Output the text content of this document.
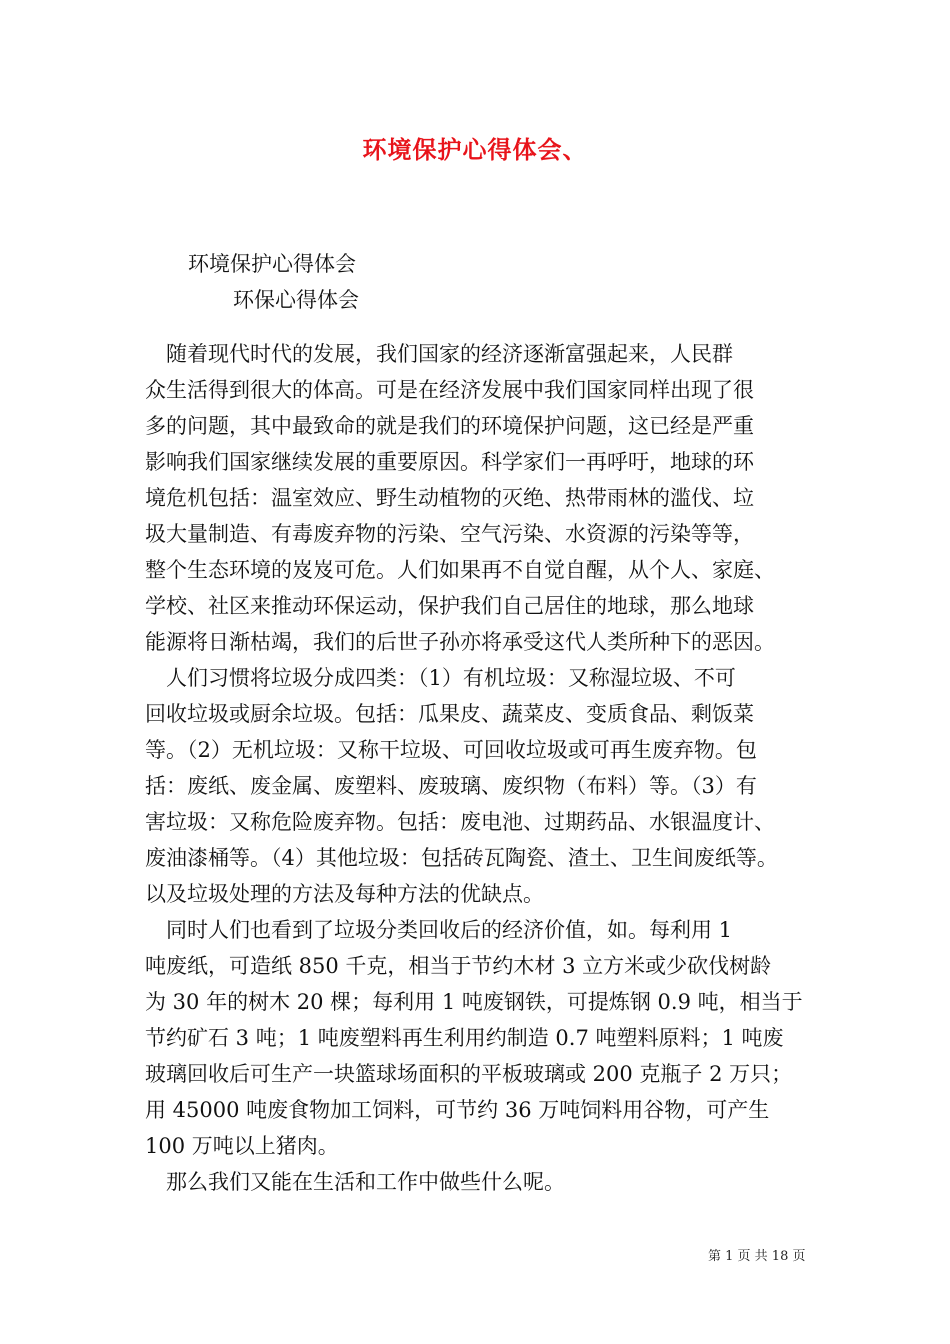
环境保护心得体会、
环境保护心得体会
环保心得体会
　随着现代时代的发展，我们国家的经济逐渐富强起来，人民群
众生活得到很大的体高。可是在经济发展中我们国家同样出现了很
多的问题，其中最致命的就是我们的环境保护问题，这已经是严重
影响我们国家继续发展的重要原因。科学家们一再呼吁，地球的环
境危机包括：温室效应、野生动植物的灭绝、热带雨林的滥伐、垃
圾大量制造、有毒废弃物的污染、空气污染、水资源的污染等等，
整个生态环境的岌岌可危。人们如果再不自觉自醒，从个人、家庭、
学校、社区来推动环保运动，保护我们自己居住的地球，那么地球
能源将日渐枯竭，我们的后世子孙亦将承受这代人类所种下的恶因。
　人们习惯将垃圾分成四类：（1）有机垃圾：又称湿垃圾、不可
回收垃圾或厨余垃圾。包括：瓜果皮、蔬菜皮、变质食品、剩饭菜
等。（2）无机垃圾：又称干垃圾、可回收垃圾或可再生废弃物。包
括：废纸、废金属、废塑料、废玻璃、废织物（布料）等。（3）有
害垃圾：又称危险废弃物。包括：废电池、过期药品、水银温度计、
废油漆桶等。（4）其他垃圾：包括砖瓦陶瓷、渣土、卫生间废纸等。
以及垃圾处理的方法及每种方法的优缺点。
　同时人们也看到了垃圾分类回收后的经济价值，如。每利用 1
吨废纸，可造纸 850 千克，相当于节约木材 3 立方米或少砍伐树龄
为 30 年的树木 20 棵；每利用 1 吨废钢铁，可提炼钢 0.9 吨，相当于
节约矿石 3 吨；1 吨废塑料再生利用约制造 0.7 吨塑料原料；1 吨废
玻璃回收后可生产一块篮球场面积的平板玻璃或 200 克瓶子 2 万只；
用 45000 吨废食物加工饲料，可节约 36 万吨饲料用谷物，可产生
100 万吨以上猪肉。
　那么我们又能在生活和工作中做些什么呢。
第 1 页 共 18 页
